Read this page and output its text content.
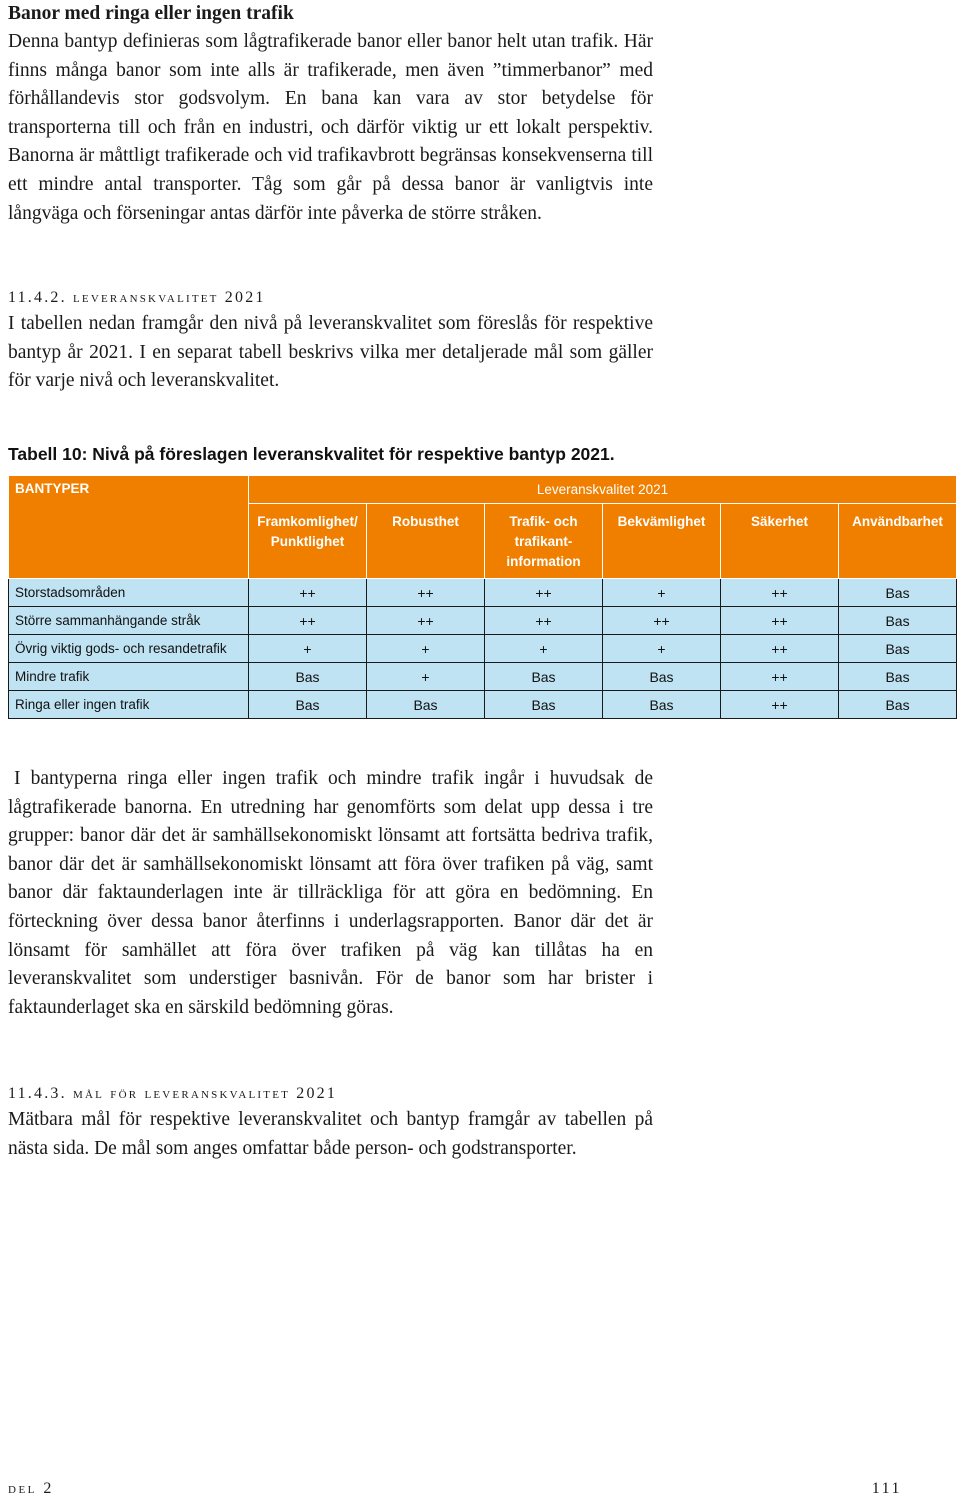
Banor med ringa eller ingen trafik

Denna bantyp definieras som lågtrafikerade banor eller banor helt utan trafik. Här finns många banor som inte alls är trafikerade, men även ”timmerbanor” med förhållandevis stor godsvolym. En bana kan vara av stor betydelse för transporterna till och från en industri, och därför viktig ur ett lokalt perspektiv. Banorna är måttligt trafikerade och vid trafikavbrott begränsas konsekvenserna till ett mindre antal transporter. Tåg som går på dessa banor är vanligtvis inte långväga och förseningar antas därför inte påverka de större stråken.

11.4.2. leveranskvalitet 2021

I tabellen nedan framgår den nivå på leveranskvalitet som föreslås för respektive bantyp år 2021. I en separat tabell beskrivs vilka mer detaljerade mål som gäller för varje nivå och leveranskvalitet.

Tabell 10: Nivå på föreslagen leveranskvalitet för respektive bantyp 2021.

BANTYPER	Leveranskvalitet 2021					
	Framkomlighet/ Punktlighet	Robusthet	Trafik- och trafikantinformation	Bekvämlighet	Säkerhet	Användbarhet
Storstadsområden	++	++	++	+	++	Bas
Större sammanhängande stråk	++	++	++	++	++	Bas
Övrig viktig gods- och resandetrafik	+	+	+	+	++	Bas
Mindre trafik	Bas	+	Bas	Bas	++	Bas
Ringa eller ingen trafik	Bas	Bas	Bas	Bas	++	Bas

I bantyperna ringa eller ingen trafik och mindre trafik ingår i huvudsak de lågtrafikerade banorna. En utredning har genomförts som delat upp dessa i tre grupper: banor där det är samhällsekonomiskt lönsamt att fortsätta bedriva trafik, banor där det är samhällsekonomiskt lönsamt att föra över trafiken på väg, samt banor där faktaunderlagen inte är tillräckliga för att göra en bedömning. En förteckning över dessa banor återfinns i underlagsrapporten. Banor där det är lönsamt för samhället att föra över trafiken på väg kan tillåtas ha en leveranskvalitet som understiger basnivån. För de banor som har brister i faktaunderlaget ska en särskild bedömning göras.

11.4.3. mål för leveranskvalitet 2021

Mätbara mål för respektive leveranskvalitet och bantyp framgår av tabellen på nästa sida. De mål som anges omfattar både person- och godstransporter.

del 2	111
